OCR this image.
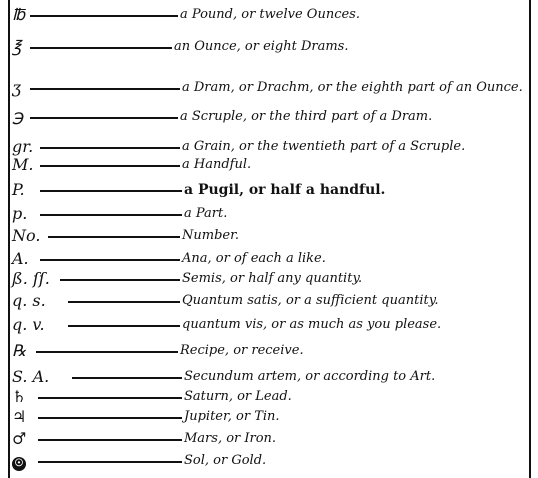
℔	a Pound, or twelve Ounces.
℥	an Ounce, or eight Drams.
ʒ	a Dram, or Drachm, or the eighth part of an Ounce.
℈	a Scruple, or the third part of a Dram.
gr.	a Grain, or the twentieth part of a Scruple.
M.	a Handful.
P.	a Pugil, or half a handful.
p.	a Part.
No.	Number.
A.	Ana, or of each a like.
ß. ſſ.	Semis, or half any quantity.
q. s.	Quantum satis, or a sufficient quantity.
q. v.	quantum vis, or as much as you please.
℞	Recipe, or receive.
S. A.	Secundum artem, or according to Art.
♄	Saturn, or Lead.
♃	Jupiter, or Tin.
♂	Mars, or Iron.
☉	Sol, or Gold.
